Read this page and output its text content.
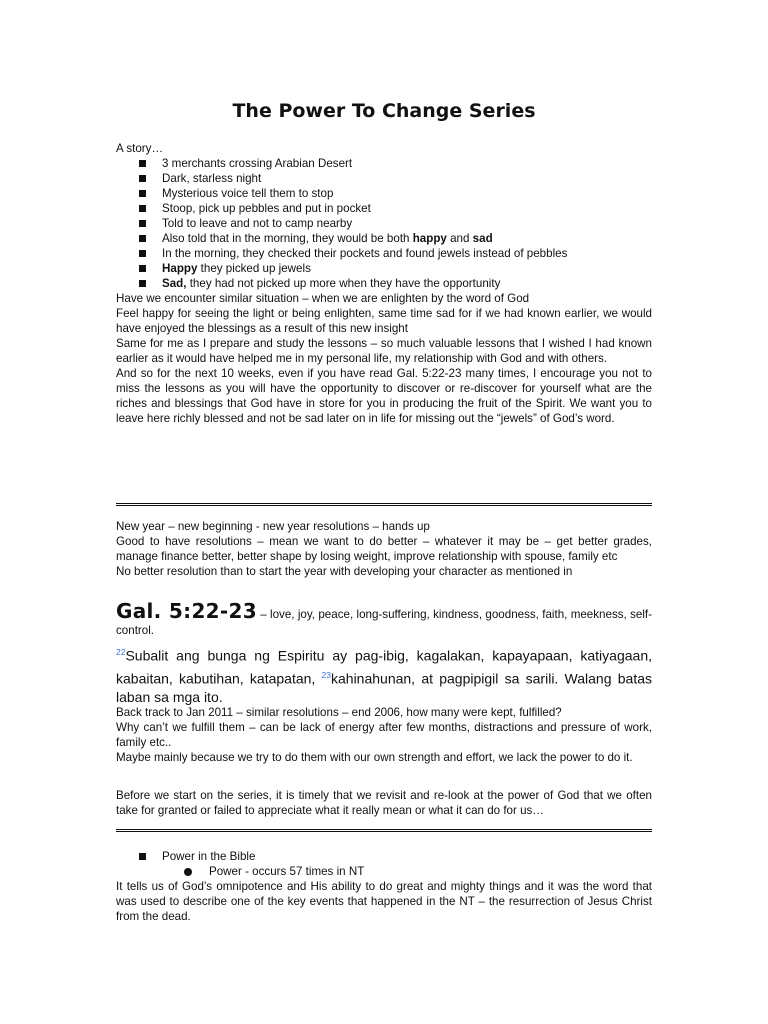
The Power To Change Series

A story…

3 merchants crossing Arabian Desert
Dark, starless night
Mysterious voice tell them to stop
Stoop, pick up pebbles and put in pocket
Told to leave and not to camp nearby
Also told that in the morning, they would be both happy and sad
In the morning, they checked their pockets and found jewels instead of pebbles
Happy they picked up jewels
Sad, they had not picked up more when they have the opportunity

Have we encounter similar situation – when we are enlighten by the word of God

Feel happy for seeing the light or being enlighten, same time sad for if we had known earlier, we would have enjoyed the blessings as a result of this new insight

Same for me as I prepare and study the lessons – so much valuable lessons that I wished I had known earlier as it would have helped me in my personal life, my relationship with God and with others.

And so for the next 10 weeks, even if you have read Gal. 5:22-23 many times, I encourage you not to miss the lessons as you will have the opportunity to discover or re-discover for yourself what are the riches and blessings that God have in store for you in producing the fruit of the Spirit. We want you to leave here richly blessed and not be sad later on in life for missing out the “jewels” of God’s word.

New year – new beginning - new year resolutions – hands up

Good to have resolutions – mean we want to do better – whatever it may be – get better grades, manage finance better, better shape by losing weight, improve relationship with spouse, family etc

No better resolution than to start the year with developing your character as mentioned in

Gal. 5:22-23 – love, joy, peace, long-suffering, kindness, goodness, faith, meekness, self-control.

$^{22}$Subalit ang bunga ng Espiritu ay pag-ibig, kagalakan, kapayapaan, katiyagaan, kabaitan, kabutihan, katapatan, $^{23}$kahinahunan, at pagpipigil sa sarili. Walang batas laban sa mga ito.

Back track to Jan 2011 – similar resolutions – end 2006, how many were kept, fulfilled?

Why can’t we fulfill them – can be lack of energy after few months, distractions and pressure of work, family etc..

Maybe mainly because we try to do them with our own strength and effort, we lack the power to do it.

Before we start on the series, it is timely that we revisit and re-look at the power of God that we often take for granted or failed to appreciate what it really mean or what it can do for us…

Power in the Bible
Power - occurs 57 times in NT

It tells us of God’s omnipotence and His ability to do great and mighty things and it was the word that was used to describe one of the key events that happened in the NT – the resurrection of Jesus Christ from the dead.
